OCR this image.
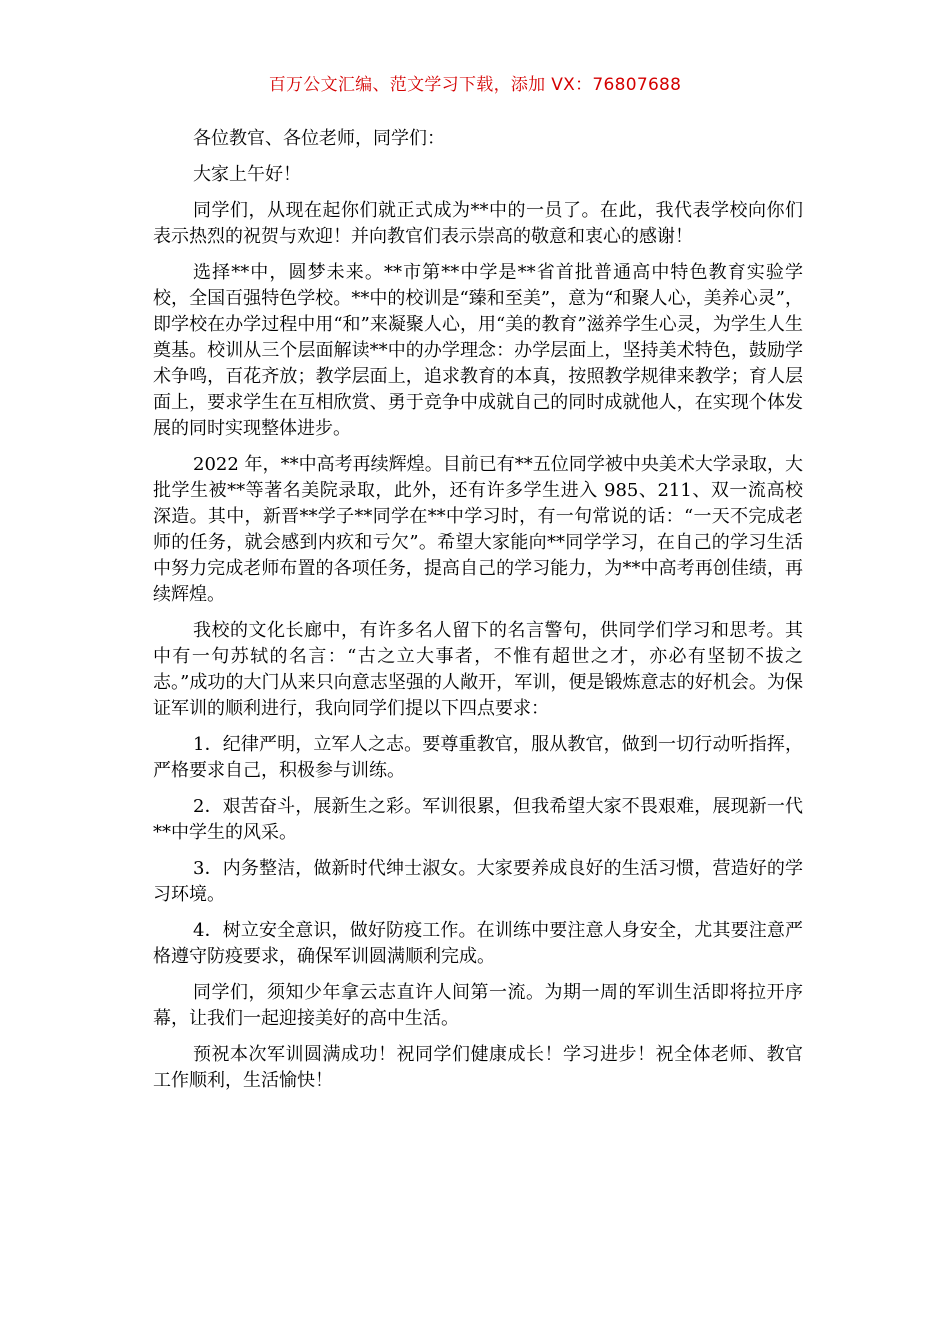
百万公文汇编、范文学习下载，添加 VX：76807688

各位教官、各位老师，同学们：

大家上午好！

同学们，从现在起你们就正式成为**中的一员了。在此，我代表学校向你们表示热烈的祝贺与欢迎！并向教官们表示崇高的敬意和衷心的感谢！

选择**中，圆梦未来。**市第**中学是**省首批普通高中特色教育实验学校，全国百强特色学校。**中的校训是“臻和至美”，意为“和聚人心，美养心灵”，即学校在办学过程中用“和”来凝聚人心，用“美的教育”滋养学生心灵，为学生人生奠基。校训从三个层面解读**中的办学理念：办学层面上，坚持美术特色，鼓励学术争鸣，百花齐放；教学层面上，追求教育的本真，按照教学规律来教学；育人层面上，要求学生在互相欣赏、勇于竞争中成就自己的同时成就他人，在实现个体发展的同时实现整体进步。

2022 年，**中高考再续辉煌。目前已有**五位同学被中央美术大学录取，大批学生被**等著名美院录取，此外，还有许多学生进入 985、211、双一流高校深造。其中，新晋**学子**同学在**中学习时，有一句常说的话：“一天不完成老师的任务，就会感到内疚和亏欠”。希望大家能向**同学学习，在自己的学习生活中努力完成老师布置的各项任务，提高自己的学习能力，为**中高考再创佳绩，再续辉煌。

我校的文化长廊中，有许多名人留下的名言警句，供同学们学习和思考。其中有一句苏轼的名言：“古之立大事者，不惟有超世之才，亦必有坚韧不拔之志。”成功的大门从来只向意志坚强的人敞开，军训，便是锻炼意志的好机会。为保证军训的顺利进行，我向同学们提以下四点要求：

1．纪律严明，立军人之志。要尊重教官，服从教官，做到一切行动听指挥，严格要求自己，积极参与训练。

2．艰苦奋斗，展新生之彩。军训很累，但我希望大家不畏艰难，展现新一代**中学生的风采。

3．内务整洁，做新时代绅士淑女。大家要养成良好的生活习惯，营造好的学习环境。

4．树立安全意识，做好防疫工作。在训练中要注意人身安全，尤其要注意严格遵守防疫要求，确保军训圆满顺利完成。

同学们，须知少年拿云志直许人间第一流。为期一周的军训生活即将拉开序幕，让我们一起迎接美好的高中生活。

预祝本次军训圆满成功！祝同学们健康成长！学习进步！祝全体老师、教官工作顺利，生活愉快！
